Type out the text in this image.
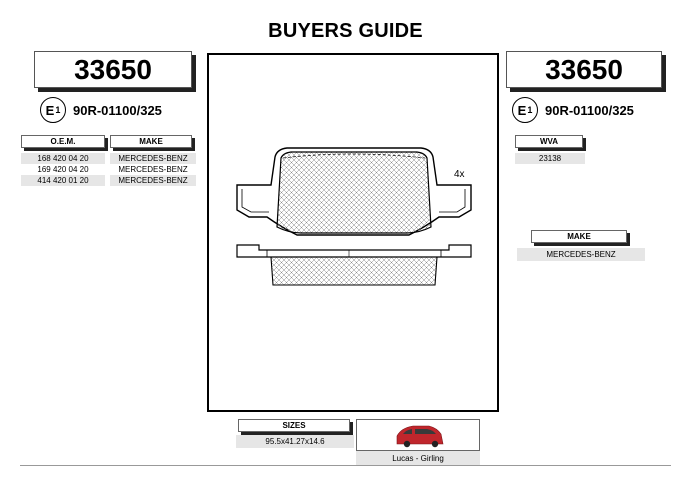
BUYERS GUIDE
33650
E 1 90R-01100/325
O.E.M.	MAKE
168 420 04 20	MERCEDES-BENZ
169 420 04 20	MERCEDES-BENZ
414 420 01 20	MERCEDES-BENZ
4x
33650
E 1 90R-01100/325
WVA
23138
MAKE
MERCEDES-BENZ
SIZES
95.5x41.27x14.6
Lucas - Girling
